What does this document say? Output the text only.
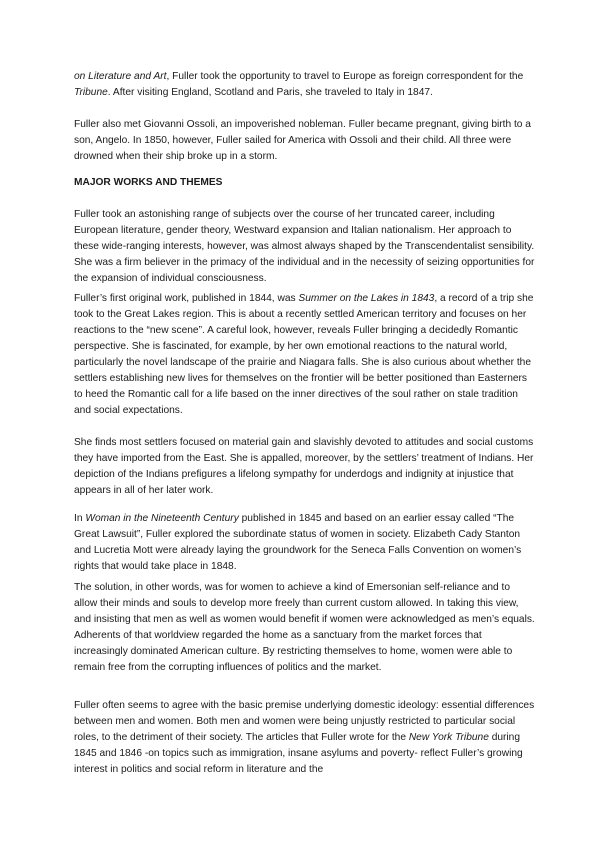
on Literature and Art, Fuller took the opportunity to travel to Europe as foreign correspondent for the Tribune. After visiting England, Scotland and Paris, she traveled to Italy in 1847.

Fuller also met Giovanni Ossoli, an impoverished nobleman. Fuller became pregnant, giving birth to a son, Angelo. In 1850, however, Fuller sailed for America with Ossoli and their child. All three were drowned when their ship broke up in a storm.

MAJOR WORKS AND THEMES

Fuller took an astonishing range of subjects over the course of her truncated career, including European literature, gender theory, Westward expansion and Italian nationalism. Her approach to these wide-ranging interests, however, was almost always shaped by the Transcendentalist sensibility. She was a firm believer in the primacy of the individual and in the necessity of seizing opportunities for the expansion of individual consciousness.

Fuller’s first original work, published in 1844, was Summer on the Lakes in 1843, a record of a trip she took to the Great Lakes region. This is about a recently settled American territory and focuses on her reactions to the “new scene”. A careful look, however, reveals Fuller bringing a decidedly Romantic perspective. She is fascinated, for example, by her own emotional reactions to the natural world, particularly the novel landscape of the prairie and Niagara falls. She is also curious about whether the settlers establishing new lives for themselves on the frontier will be better positioned than Easterners to heed the Romantic call for a life based on the inner directives of the soul rather on stale tradition and social expectations.

She finds most settlers focused on material gain and slavishly devoted to attitudes and social customs they have imported from the East. She is appalled, moreover, by the settlers’ treatment of Indians. Her depiction of the Indians prefigures a lifelong sympathy for underdogs and indignity at injustice that appears in all of her later work.

In Woman in the Nineteenth Century published in 1845 and based on an earlier essay called “The Great Lawsuit”, Fuller explored the subordinate status of women in society. Elizabeth Cady Stanton and Lucretia Mott were already laying the groundwork for the Seneca Falls Convention on women’s rights that would take place in 1848.

The solution, in other words, was for women to achieve a kind of Emersonian self-reliance and to allow their minds and souls to develop more freely than current custom allowed. In taking this view, and insisting that men as well as women would benefit if women were acknowledged as men’s equals. Adherents of that worldview regarded the home as a sanctuary from the market forces that increasingly dominated American culture. By restricting themselves to home, women were able to remain free from the corrupting influences of politics and the market.

Fuller often seems to agree with the basic premise underlying domestic ideology: essential differences between men and women. Both men and women were being unjustly restricted to particular social roles, to the detriment of their society. The articles that Fuller wrote for the New York Tribune during 1845 and 1846 -on topics such as immigration, insane asylums and poverty- reflect Fuller’s growing interest in politics and social reform in literature and the
